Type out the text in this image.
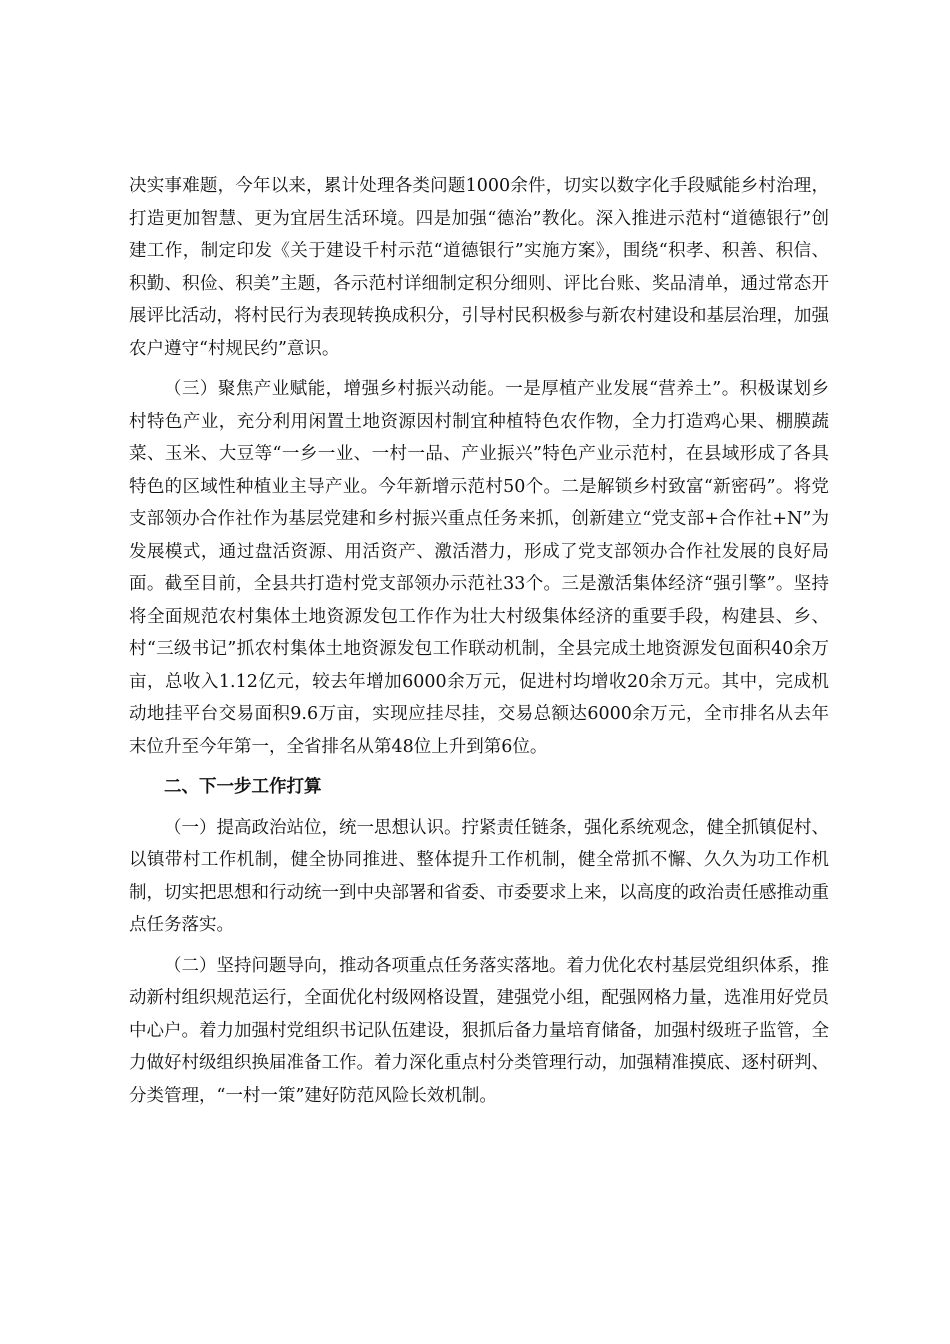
决实事难题，今年以来，累计处理各类问题1000余件，切实以数字化手段赋能乡村治理，打造更加智慧、更为宜居生活环境。四是加强“德治”教化。深入推进示范村“道德银行”创建工作，制定印发《关于建设千村示范“道德银行”实施方案》，围绕“积孝、积善、积信、积勤、积俭、积美”主题，各示范村详细制定积分细则、评比台账、奖品清单，通过常态开展评比活动，将村民行为表现转换成积分，引导村民积极参与新农村建设和基层治理，加强农户遵守“村规民约”意识。

（三）聚焦产业赋能，增强乡村振兴动能。一是厚植产业发展“营养土”。积极谋划乡村特色产业，充分利用闲置土地资源因村制宜种植特色农作物，全力打造鸡心果、棚膜蔬菜、玉米、大豆等“一乡一业、一村一品、产业振兴”特色产业示范村，在县域形成了各具特色的区域性种植业主导产业。今年新增示范村50个。二是解锁乡村致富“新密码”。将党支部领办合作社作为基层党建和乡村振兴重点任务来抓，创新建立“党支部+合作社+N”为发展模式，通过盘活资源、用活资产、激活潜力，形成了党支部领办合作社发展的良好局面。截至目前，全县共打造村党支部领办示范社33个。三是激活集体经济“强引擎”。坚持将全面规范农村集体土地资源发包工作作为壮大村级集体经济的重要手段，构建县、乡、村“三级书记”抓农村集体土地资源发包工作联动机制，全县完成土地资源发包面积40余万亩，总收入1.12亿元，较去年增加6000余万元，促进村均增收20余万元。其中，完成机动地挂平台交易面积9.6万亩，实现应挂尽挂，交易总额达6000余万元，全市排名从去年末位升至今年第一，全省排名从第48位上升到第6位。

二、下一步工作打算

（一）提高政治站位，统一思想认识。拧紧责任链条，强化系统观念，健全抓镇促村、以镇带村工作机制，健全协同推进、整体提升工作机制，健全常抓不懈、久久为功工作机制，切实把思想和行动统一到中央部署和省委、市委要求上来，以高度的政治责任感推动重点任务落实。

（二）坚持问题导向，推动各项重点任务落实落地。着力优化农村基层党组织体系，推动新村组织规范运行，全面优化村级网格设置，建强党小组，配强网格力量，选准用好党员中心户。着力加强村党组织书记队伍建设，狠抓后备力量培育储备，加强村级班子监管，全力做好村级组织换届准备工作。着力深化重点村分类管理行动，加强精准摸底、逐村研判、分类管理，“一村一策”建好防范风险长效机制。
